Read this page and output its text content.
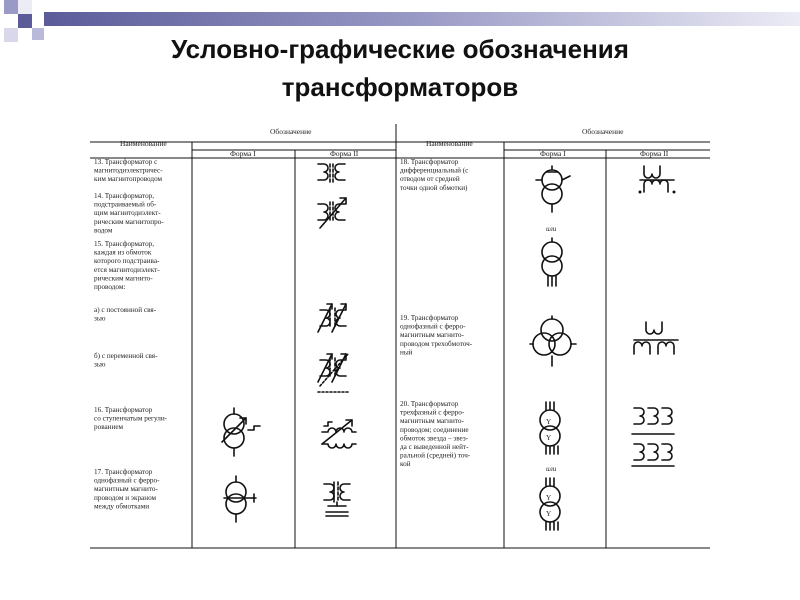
Условно-графические обозначения
трансформаторов
Наименование
Обозначение
Форма I	Форма II
Наименование
Обозначение
Форма I	Форма II
13. Трансформатор с магнитодиэлектричес-ким магнитопроводом
14. Трансформатор, подстраиваемый об-щим магнитодиэлект-рическим магнитопро-водом
15. Трансформатор, каждая из обмоток которого подстраива-ется магнитодиэлект-рическим магнито-проводом:
а) с постоянной свя-зью
б) с переменной свя-зью
16. Трансформатор со ступенчатым регули-рованием
17. Трансформатор однофазный с ферро-магнитным магнито-проводом и экраном между обмотками
18. Трансформатор дифференциальный (с отводом от средней точки одной обмотки)
19. Трансформатор однофазный с ферро-магнитным магнито-проводом трехобмоточ-ный
20. Трансформатор трехфазный с ферро-магнитным магнито-проводом; соединение обмоток звезда – звез-да с выведенной нейт-ральной (средней) точ-кой
или
или
Y
Y
Y
Y
